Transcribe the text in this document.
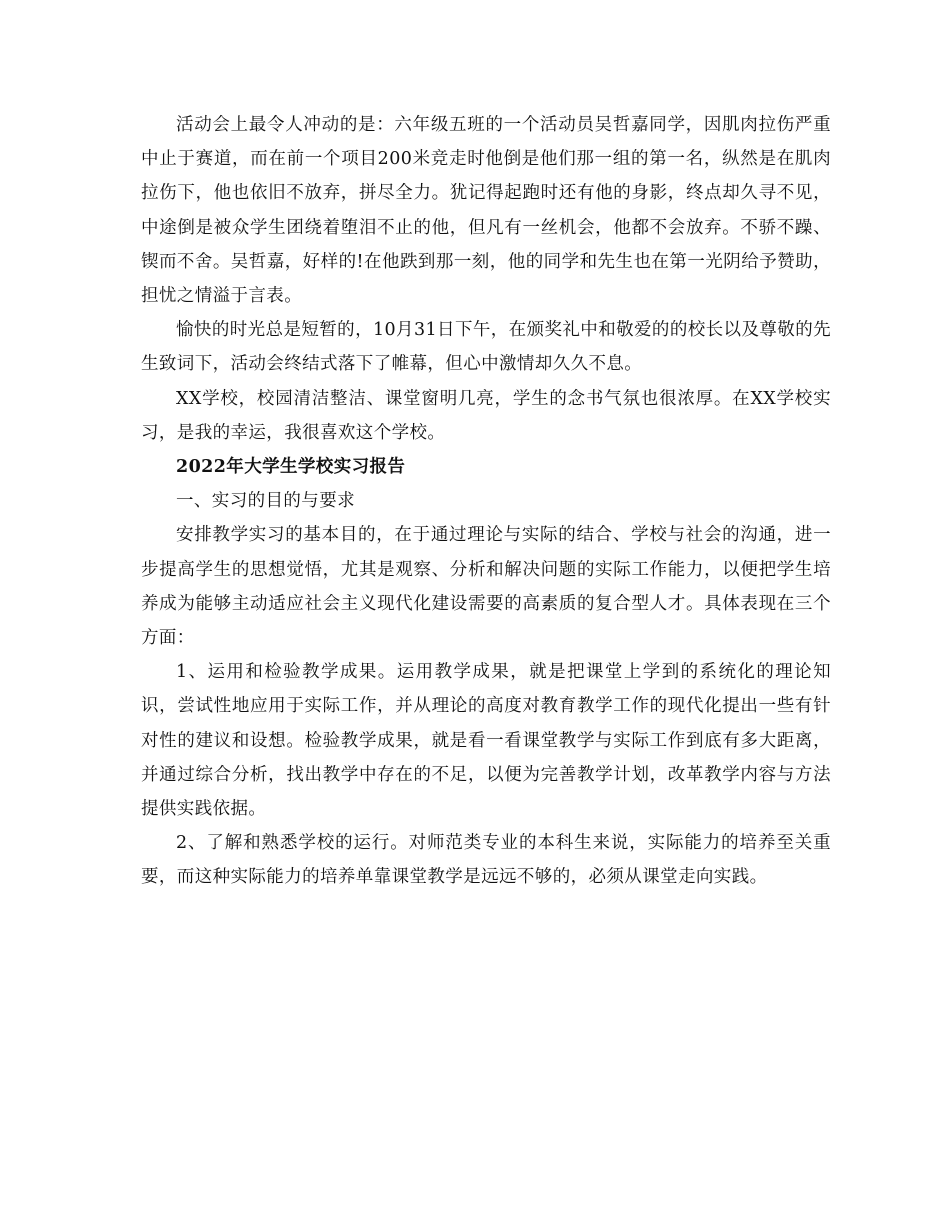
活动会上最令人冲动的是：六年级五班的一个活动员吴哲嘉同学，因肌肉拉伤严重中止于赛道，而在前一个项目200米竞走时他倒是他们那一组的第一名，纵然是在肌肉拉伤下，他也依旧不放弃，拼尽全力。犹记得起跑时还有他的身影，终点却久寻不见，中途倒是被众学生团绕着堕泪不止的他，但凡有一丝机会，他都不会放弃。不骄不躁、锲而不舍。吴哲嘉，好样的!在他跌到那一刻，他的同学和先生也在第一光阴给予赞助，担忧之情溢于言表。

愉快的时光总是短暂的，10月31日下午，在颁奖礼中和敬爱的的校长以及尊敬的先生致词下，活动会终结式落下了帷幕，但心中激情却久久不息。

XX学校，校园清洁整洁、课堂窗明几亮，学生的念书气氛也很浓厚。在XX学校实习，是我的幸运，我很喜欢这个学校。

2022年大学生学校实习报告

一、实习的目的与要求

安排教学实习的基本目的，在于通过理论与实际的结合、学校与社会的沟通，进一步提高学生的思想觉悟，尤其是观察、分析和解决问题的实际工作能力，以便把学生培养成为能够主动适应社会主义现代化建设需要的高素质的复合型人才。具体表现在三个方面：

1、运用和检验教学成果。运用教学成果，就是把课堂上学到的系统化的理论知识，尝试性地应用于实际工作，并从理论的高度对教育教学工作的现代化提出一些有针对性的建议和设想。检验教学成果，就是看一看课堂教学与实际工作到底有多大距离，并通过综合分析，找出教学中存在的不足，以便为完善教学计划，改革教学内容与方法提供实践依据。

2、了解和熟悉学校的运行。对师范类专业的本科生来说，实际能力的培养至关重要，而这种实际能力的培养单靠课堂教学是远远不够的，必须从课堂走向实践。
